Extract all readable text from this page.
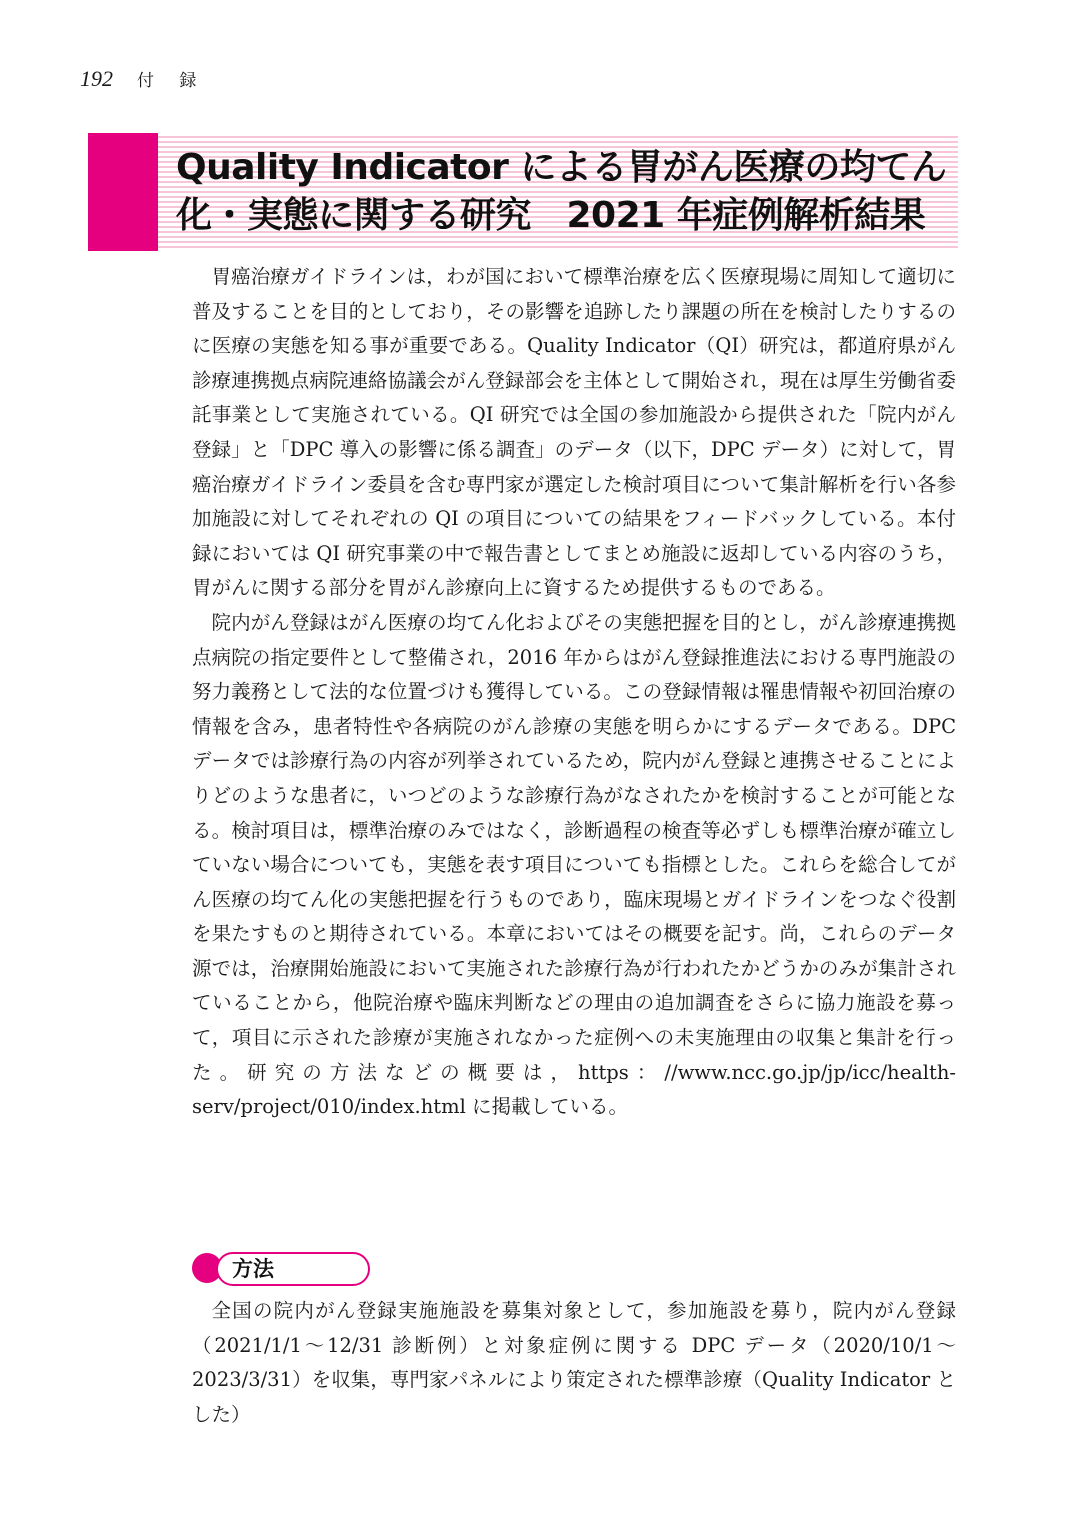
192 付 録
Quality Indicator による胃がん医療の均てん
化・実態に関する研究　2021 年症例解析結果

胃癌治療ガイドラインは，わが国において標準治療を広く医療現場に周知して適切に普及することを目的としており，その影響を追跡したり課題の所在を検討したりするのに医療の実態を知る事が重要である。Quality Indicator（QI）研究は，都道府県がん診療連携拠点病院連絡協議会がん登録部会を主体として開始され，現在は厚生労働省委託事業として実施されている。QI 研究では全国の参加施設から提供された「院内がん登録」と「DPC 導入の影響に係る調査」のデータ（以下，DPC データ）に対して，胃癌治療ガイドライン委員を含む専門家が選定した検討項目について集計解析を行い各参加施設に対してそれぞれの QI の項目についての結果をフィードバックしている。本付録においては QI 研究事業の中で報告書としてまとめ施設に返却している内容のうち，胃がんに関する部分を胃がん診療向上に資するため提供するものである。

院内がん登録はがん医療の均てん化およびその実態把握を目的とし，がん診療連携拠点病院の指定要件として整備され，2016 年からはがん登録推進法における専門施設の努力義務として法的な位置づけも獲得している。この登録情報は罹患情報や初回治療の情報を含み，患者特性や各病院のがん診療の実態を明らかにするデータである。DPC データでは診療行為の内容が列挙されているため，院内がん登録と連携させることによりどのような患者に，いつどのような診療行為がなされたかを検討することが可能となる。検討項目は，標準治療のみではなく，診断過程の検査等必ずしも標準治療が確立していない場合についても，実態を表す項目についても指標とした。これらを総合してがん医療の均てん化の実態把握を行うものであり，臨床現場とガイドラインをつなぐ役割を果たすものと期待されている。本章においてはその概要を記す。尚，これらのデータ源では，治療開始施設において実施された診療行為が行われたかどうかのみが集計されていることから，他院治療や臨床判断などの理由の追加調査をさらに協力施設を募って，項目に示された診療が実施されなかった症例への未実施理由の収集と集計を行った。研究の方法などの概要は，https：//www.ncc.go.jp/jp/icc/health-serv/project/010/index.html に掲載している。

方法

全国の院内がん登録実施施設を募集対象として，参加施設を募り，院内がん登録（2021/1/1〜12/31 診断例）と対象症例に関する DPC データ（2020/10/1〜2023/3/31）を収集，専門家パネルにより策定された標準診療（Quality Indicator とした）
